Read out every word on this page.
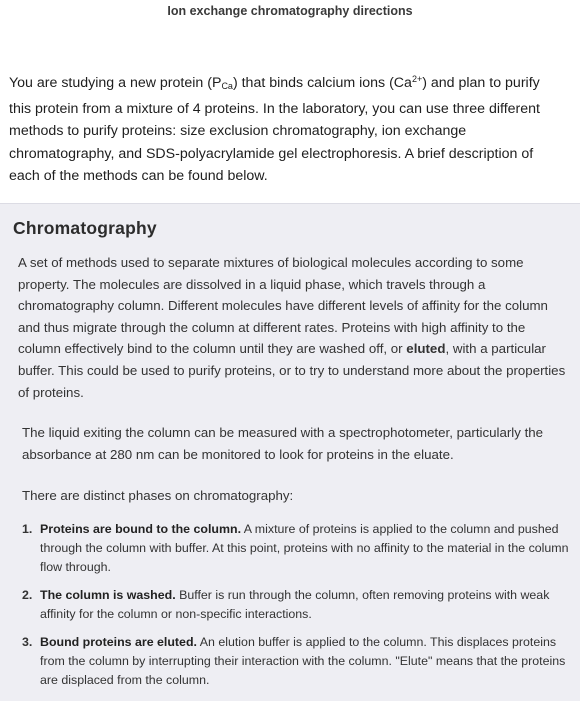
Ion exchange chromatography directions
You are studying a new protein $(P_{Ca})$ that binds calcium ions $(Ca^{2+})$ and plan to purify this protein from a mixture of 4 proteins. In the laboratory, you can use three different methods to purify proteins: size exclusion chromatography, ion exchange chromatography, and SDS-polyacrylamide gel electrophoresis. A brief description of each of the methods can be found below.
Chromatography
A set of methods used to separate mixtures of biological molecules according to some property. The molecules are dissolved in a liquid phase, which travels through a chromatography column. Different molecules have different levels of affinity for the column and thus migrate through the column at different rates. Proteins with high affinity to the column effectively bind to the column until they are washed off, or eluted, with a particular buffer. This could be used to purify proteins, or to try to understand more about the properties of proteins.
The liquid exiting the column can be measured with a spectrophotometer, particularly the absorbance at 280 nm can be monitored to look for proteins in the eluate.
There are distinct phases on chromatography:
1. Proteins are bound to the column. A mixture of proteins is applied to the column and pushed through the column with buffer. At this point, proteins with no affinity to the material in the column flow through.
2. The column is washed. Buffer is run through the column, often removing proteins with weak affinity for the column or non-specific interactions.
3. Bound proteins are eluted. An elution buffer is applied to the column. This displaces proteins from the column by interrupting their interaction with the column. "Elute" means that the proteins are displaced from the column.
